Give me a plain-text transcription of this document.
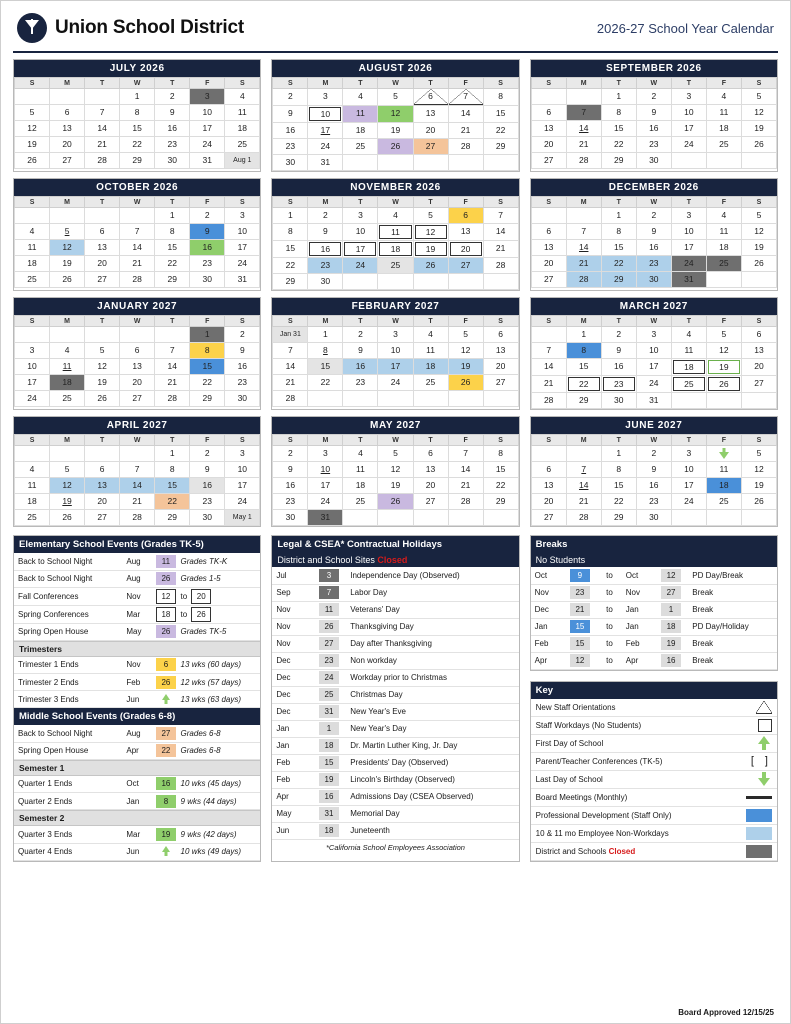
Union School District	2026-27 School Year Calendar
JULY 2026
S	M	T	W	T	F	S

			1	2	3	4

5	6	7	8	9	10	11

12	13	14	15	16	17	18

19	20	21	22	23	24	25

26	27	28	29	30	31	Aug 1
AUGUST 2026
S	M	T	W	T	F	S

2	3	4	5	6	7	8

9	10	11	12	13	14	15

16	17	18	19	20	21	22

23	24	25	26	27	28	29

30	31					

SEPTEMBER 2026
S	M	T	W	T	F	S

		1	2	3	4	5

6	7	8	9	10	11	12

13	14	15	16	17	18	19

20	21	22	23	24	25	26

27	28	29	30			

OCTOBER 2026
S	M	T	W	T	F	S

				1	2	3

4	5	6	7	8	9	10

11	12	13	14	15	16	17

18	19	20	21	22	23	24

25	26	27	28	29	30	31
NOVEMBER 2026
S	M	T	W	T	F	S

1	2	3	4	5	6	7

8	9	10	11	12	13	14

15	16	17	18	19	20	21

22	23	24	25	26	27	28

29	30					

DECEMBER 2026
S	M	T	W	T	F	S

		1	2	3	4	5

6	7	8	9	10	11	12

13	14	15	16	17	18	19

20	21	22	23	24	25	26

27	28	29	30	31		

JANUARY 2027
S	M	T	W	T	F	S

					1	2

3	4	5	6	7	8	9

10	11	12	13	14	15	16

17	18	19	20	21	22	23

24	25	26	27	28	29	30
FEBRUARY 2027
S	M	T	W	T	F	S

Jan 31	1	2	3	4	5	6

7	8	9	10	11	12	13

14	15	16	17	18	19	20

21	22	23	24	25	26	27

28						

MARCH 2027
S	M	T	W	T	F	S

	1	2	3	4	5	6

7	8	9	10	11	12	13

14	15	16	17	18	19	20

21	22	23	24	25	26	27

28	29	30	31			

APRIL 2027
S	M	T	W	T	F	S

				1	2	3

4	5	6	7	8	9	10

11	12	13	14	15	16	17

18	19	20	21	22	23	24

25	26	27	28	29	30	May 1
MAY 2027
S	M	T	W	T	F	S

2	3	4	5	6	7	8

9	10	11	12	13	14	15

16	17	18	19	20	21	22

23	24	25	26	27	28	29

30	31					

JUNE 2027
S	M	T	W	T	F	S

		1	2	3		5

6	7	8	9	10	11	12

13	14	15	16	17	18	19

20	21	22	23	24	25	26

27	28	29	30			

Elementary School Events (Grades TK-5)
Back to School Night	Aug	11	Grades TK-K
Back to School Night	Aug	26	Grades 1-5
Fall Conferences	Nov	12	to 20
Spring Conferences	Mar	18	to 26
Spring Open House	May	26	Grades TK-5
Trimesters
Trimester 1 Ends	Nov	6	13 wks (60 days)
Trimester 2 Ends	Feb	26	12 wks (57 days)
Trimester 3 Ends	Jun		13 wks (63 days)
Middle School Events (Grades 6-8)
Back to School Night	Aug	27	Grades 6-8
Spring Open House	Apr	22	Grades 6-8
Semester 1
Quarter 1 Ends	Oct	16	10 wks (45 days)
Quarter 2 Ends	Jan	8	9 wks (44 days)
Semester 2
Quarter 3 Ends	Mar	19	9 wks (42 days)
Quarter 4 Ends	Jun		10 wks (49 days)
Legal & CSEA* Contractual Holidays
District and School Sites Closed
Jul	3	Independence Day (Observed)
Sep	7	Labor Day
Nov	11	Veterans' Day
Nov	26	Thanksgiving Day
Nov	27	Day after Thanksgiving
Dec	23	Non workday
Dec	24	Workday prior to Christmas
Dec	25	Christmas Day
Dec	31	New Year's Eve
Jan	1	New Year's Day
Jan	18	Dr. Martin Luther King, Jr. Day
Feb	15	Presidents' Day (Observed)
Feb	19	Lincoln's Birthday (Observed)
Apr	16	Admissions Day (CSEA Observed)
May	31	Memorial Day
Jun	18	Juneteenth
*California School Employees Association
Breaks
No Students
Oct	9	to	Oct	12	PD Day/Break
Nov	23	to	Nov	27	Break
Dec	21	to	Jan	1	Break
Jan	15	to	Jan	18	PD Day/Holiday
Feb	15	to	Feb	19	Break
Apr	12	to	Apr	16	Break
Key
New Staff Orientations
Staff Workdays (No Students)
First Day of School
Parent/Teacher Conferences (TK-5)	[ ]
Last Day of School
Board Meetings (Monthly)
Professional Development (Staff Only)
10 & 11 mo Employee Non-Workdays
District and Schools Closed
Board Approved 12/15/25
